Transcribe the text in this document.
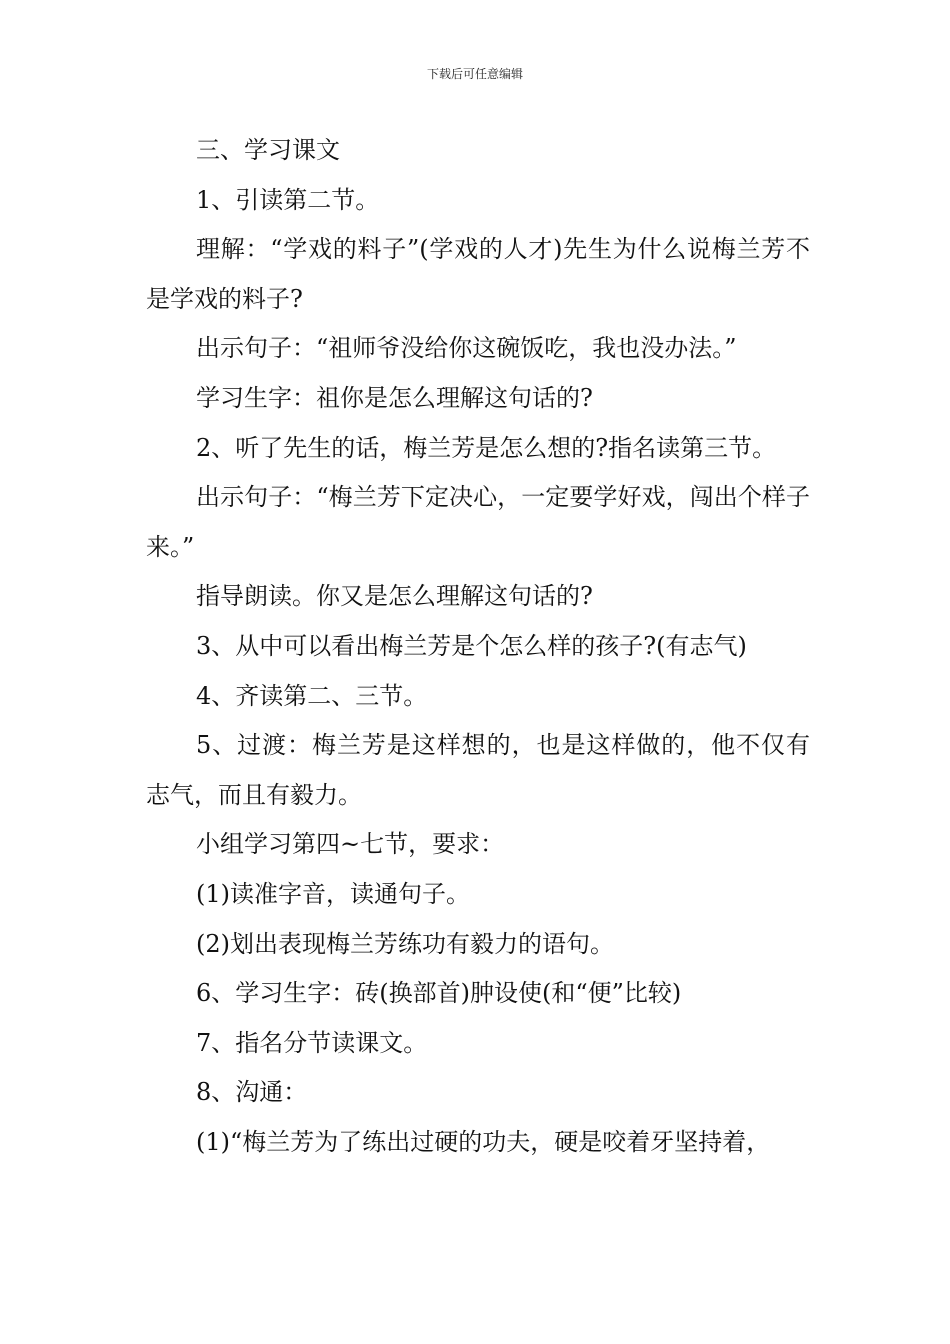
下载后可任意编辑

三、学习课文

1、引读第二节。

理解：“学戏的料子”(学戏的人才)先生为什么说梅兰芳不是学戏的料子?

出示句子：“祖师爷没给你这碗饭吃，我也没办法。”

学习生字：祖你是怎么理解这句话的?

2、听了先生的话，梅兰芳是怎么想的?指名读第三节。

出示句子：“梅兰芳下定决心，一定要学好戏，闯出个样子来。”

指导朗读。你又是怎么理解这句话的?

3、从中可以看出梅兰芳是个怎么样的孩子?(有志气)

4、齐读第二、三节。

5、过渡：梅兰芳是这样想的，也是这样做的，他不仅有志气，而且有毅力。

小组学习第四~七节，要求：

(1)读准字音，读通句子。

(2)划出表现梅兰芳练功有毅力的语句。

6、学习生字：砖(换部首)肿设使(和“便”比较)

7、指名分节读课文。

8、沟通：

(1)“梅兰芳为了练出过硬的功夫，硬是咬着牙坚持着，
